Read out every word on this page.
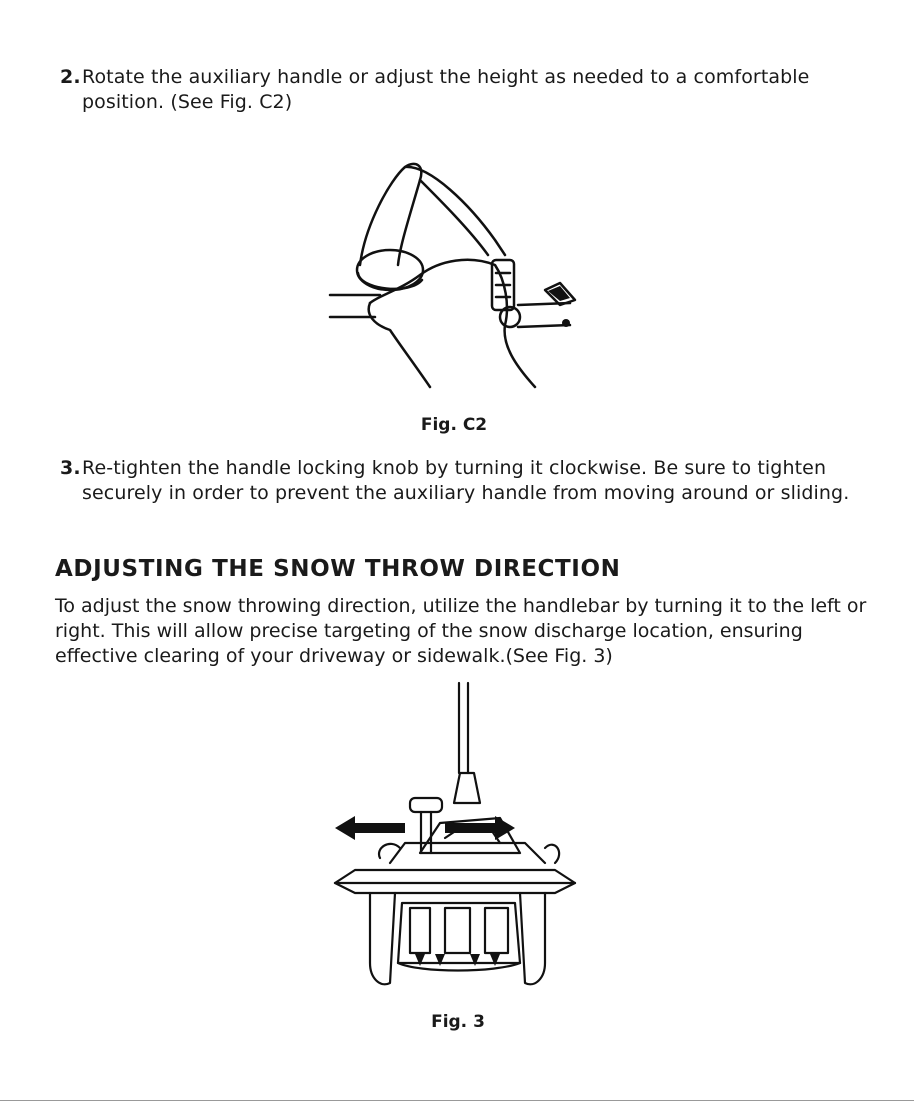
2. Rotate the auxiliary handle or adjust the height as needed to a comfortable position. (See Fig. C2)
Fig. C2
3. Re-tighten the handle locking knob by turning it clockwise. Be sure to tighten securely in order to prevent the auxiliary handle from moving around or sliding.
ADJUSTING THE SNOW THROW DIRECTION
To adjust the snow throwing direction, utilize the handlebar by turning it to the left or right. This will allow precise targeting of the snow discharge location, ensuring effective clearing of your driveway or sidewalk.(See Fig. 3)
Fig. 3
